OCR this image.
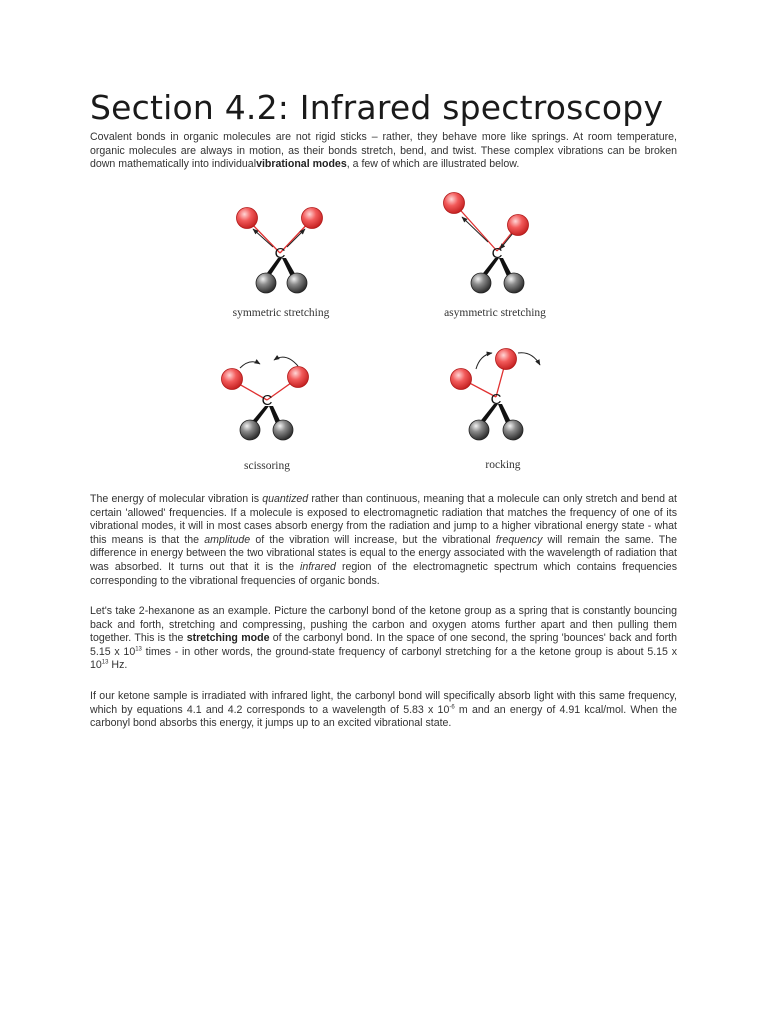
Section 4.2: Infrared spectroscopy

Covalent bonds in organic molecules are not rigid sticks – rather, they behave more like springs. At room temperature, organic molecules are always in motion, as their bonds stretch, bend, and twist. These complex vibrations can be broken down mathematically into individualvibrational modes, a few of which are illustrated below.

C
symmetric stretching
C
asymmetric stretching
C
scissoring
C
rocking

The energy of molecular vibration is quantized rather than continuous, meaning that a molecule can only stretch and bend at certain 'allowed' frequencies. If a molecule is exposed to electromagnetic radiation that matches the frequency of one of its vibrational modes, it will in most cases absorb energy from the radiation and jump to a higher vibrational energy state - what this means is that the amplitude of the vibration will increase, but the vibrational frequency will remain the same. The difference in energy between the two vibrational states is equal to the energy associated with the wavelength of radiation that was absorbed. It turns out that it is the infrared region of the electromagnetic spectrum which contains frequencies corresponding to the vibrational frequencies of organic bonds.

Let's take 2-hexanone as an example. Picture the carbonyl bond of the ketone group as a spring that is constantly bouncing back and forth, stretching and compressing, pushing the carbon and oxygen atoms further apart and then pulling them together. This is the stretching mode of the carbonyl bond. In the space of one second, the spring 'bounces' back and forth 5.15 x $10^{13}$ times - in other words, the ground-state frequency of carbonyl stretching for a the ketone group is about 5.15 x $10^{13}$ Hz.

If our ketone sample is irradiated with infrared light, the carbonyl bond will specifically absorb light with this same frequency, which by equations 4.1 and 4.2 corresponds to a wavelength of 5.83 x $10^{-6}$ m and an energy of 4.91 kcal/mol. When the carbonyl bond absorbs this energy, it jumps up to an excited vibrational state.
